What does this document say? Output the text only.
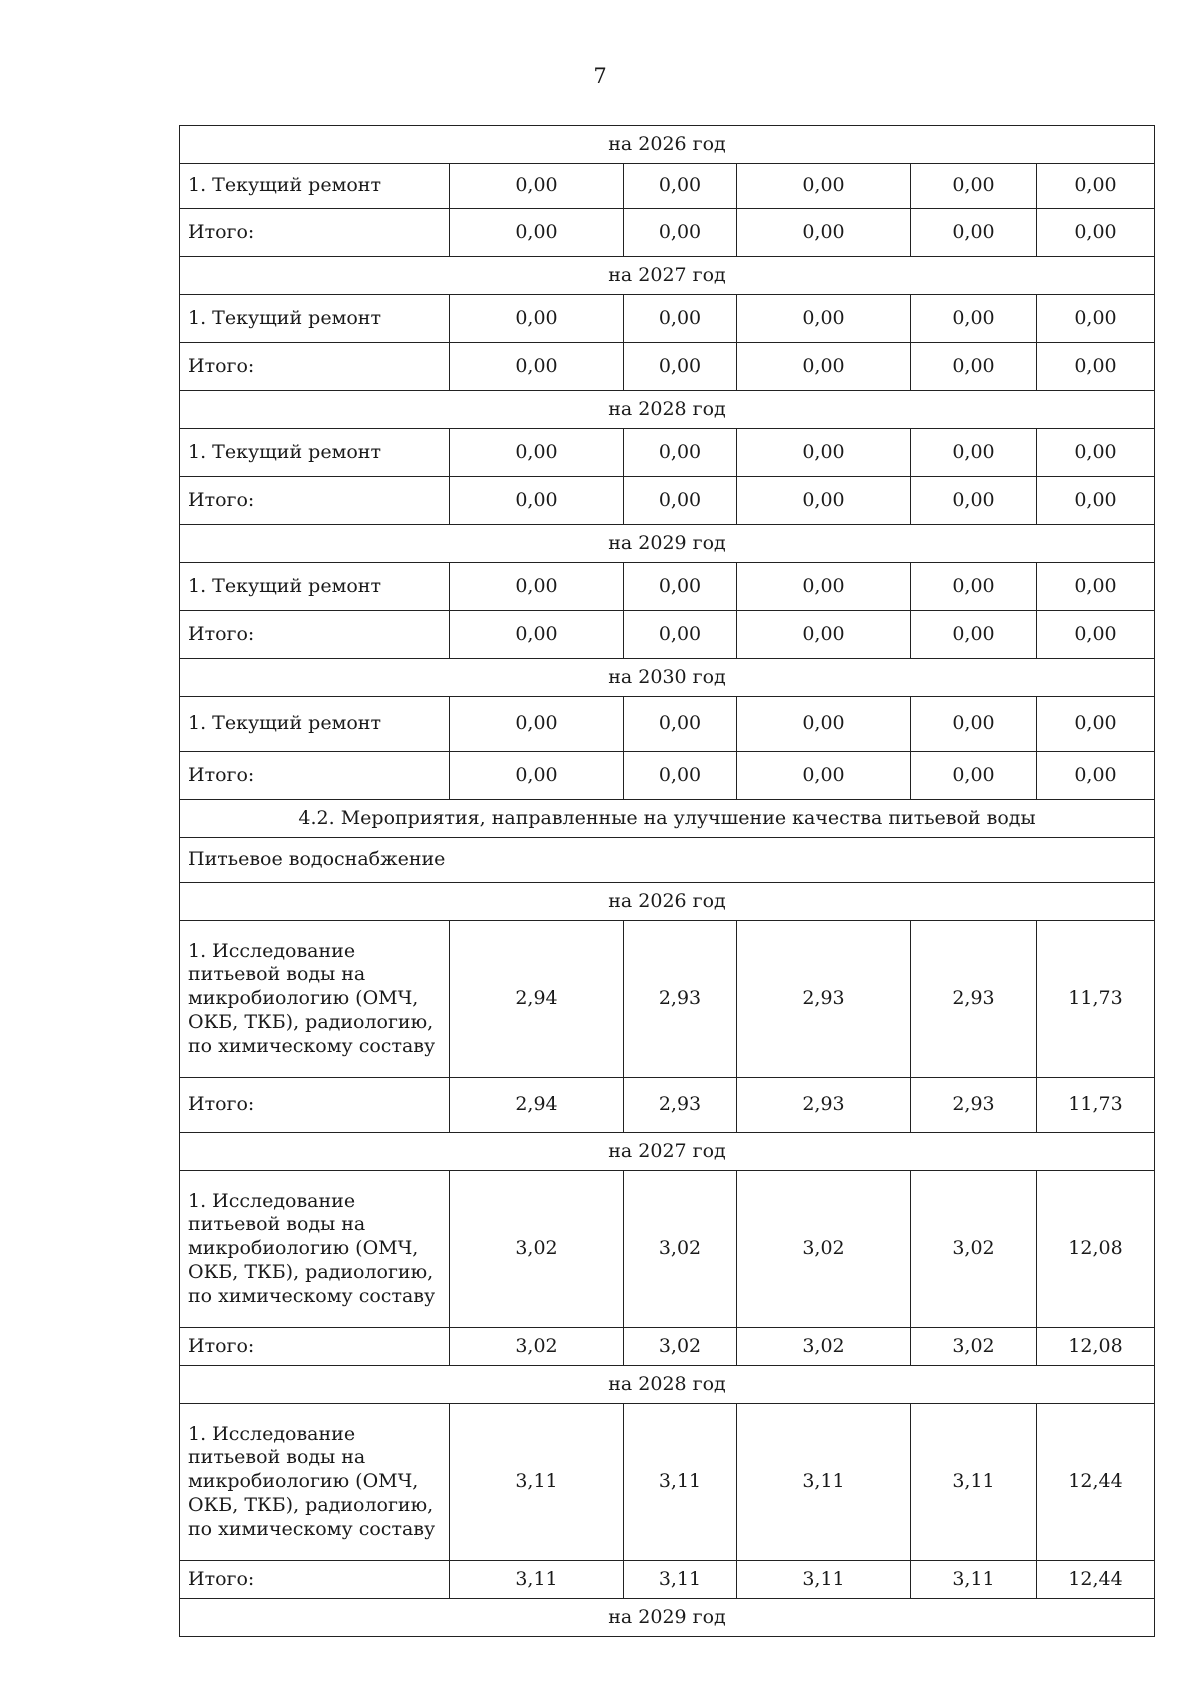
7
на 2026 год					
1. Текущий ремонт	0,00	0,00	0,00	0,00	0,00
Итого:	0,00	0,00	0,00	0,00	0,00
на 2027 год					
1. Текущий ремонт	0,00	0,00	0,00	0,00	0,00
Итого:	0,00	0,00	0,00	0,00	0,00
на 2028 год					
1. Текущий ремонт	0,00	0,00	0,00	0,00	0,00
Итого:	0,00	0,00	0,00	0,00	0,00
на 2029 год					
1. Текущий ремонт	0,00	0,00	0,00	0,00	0,00
Итого:	0,00	0,00	0,00	0,00	0,00
на 2030 год					
1. Текущий ремонт	0,00	0,00	0,00	0,00	0,00
Итого:	0,00	0,00	0,00	0,00	0,00
4.2. Мероприятия, направленные на улучшение качества питьевой воды					
Питьевое водоснабжение					
на 2026 год					
1. Исследование питьевой воды на микробиологию (ОМЧ, ОКБ, ТКБ), радиологию, по химическому составу	2,94	2,93	2,93	2,93	11,73
Итого:	2,94	2,93	2,93	2,93	11,73
на 2027 год					
1. Исследование питьевой воды на микробиологию (ОМЧ, ОКБ, ТКБ), радиологию, по химическому составу	3,02	3,02	3,02	3,02	12,08
Итого:	3,02	3,02	3,02	3,02	12,08
на 2028 год					
1. Исследование питьевой воды на микробиологию (ОМЧ, ОКБ, ТКБ), радиологию, по химическому составу	3,11	3,11	3,11	3,11	12,44
Итого:	3,11	3,11	3,11	3,11	12,44
на 2029 год					
